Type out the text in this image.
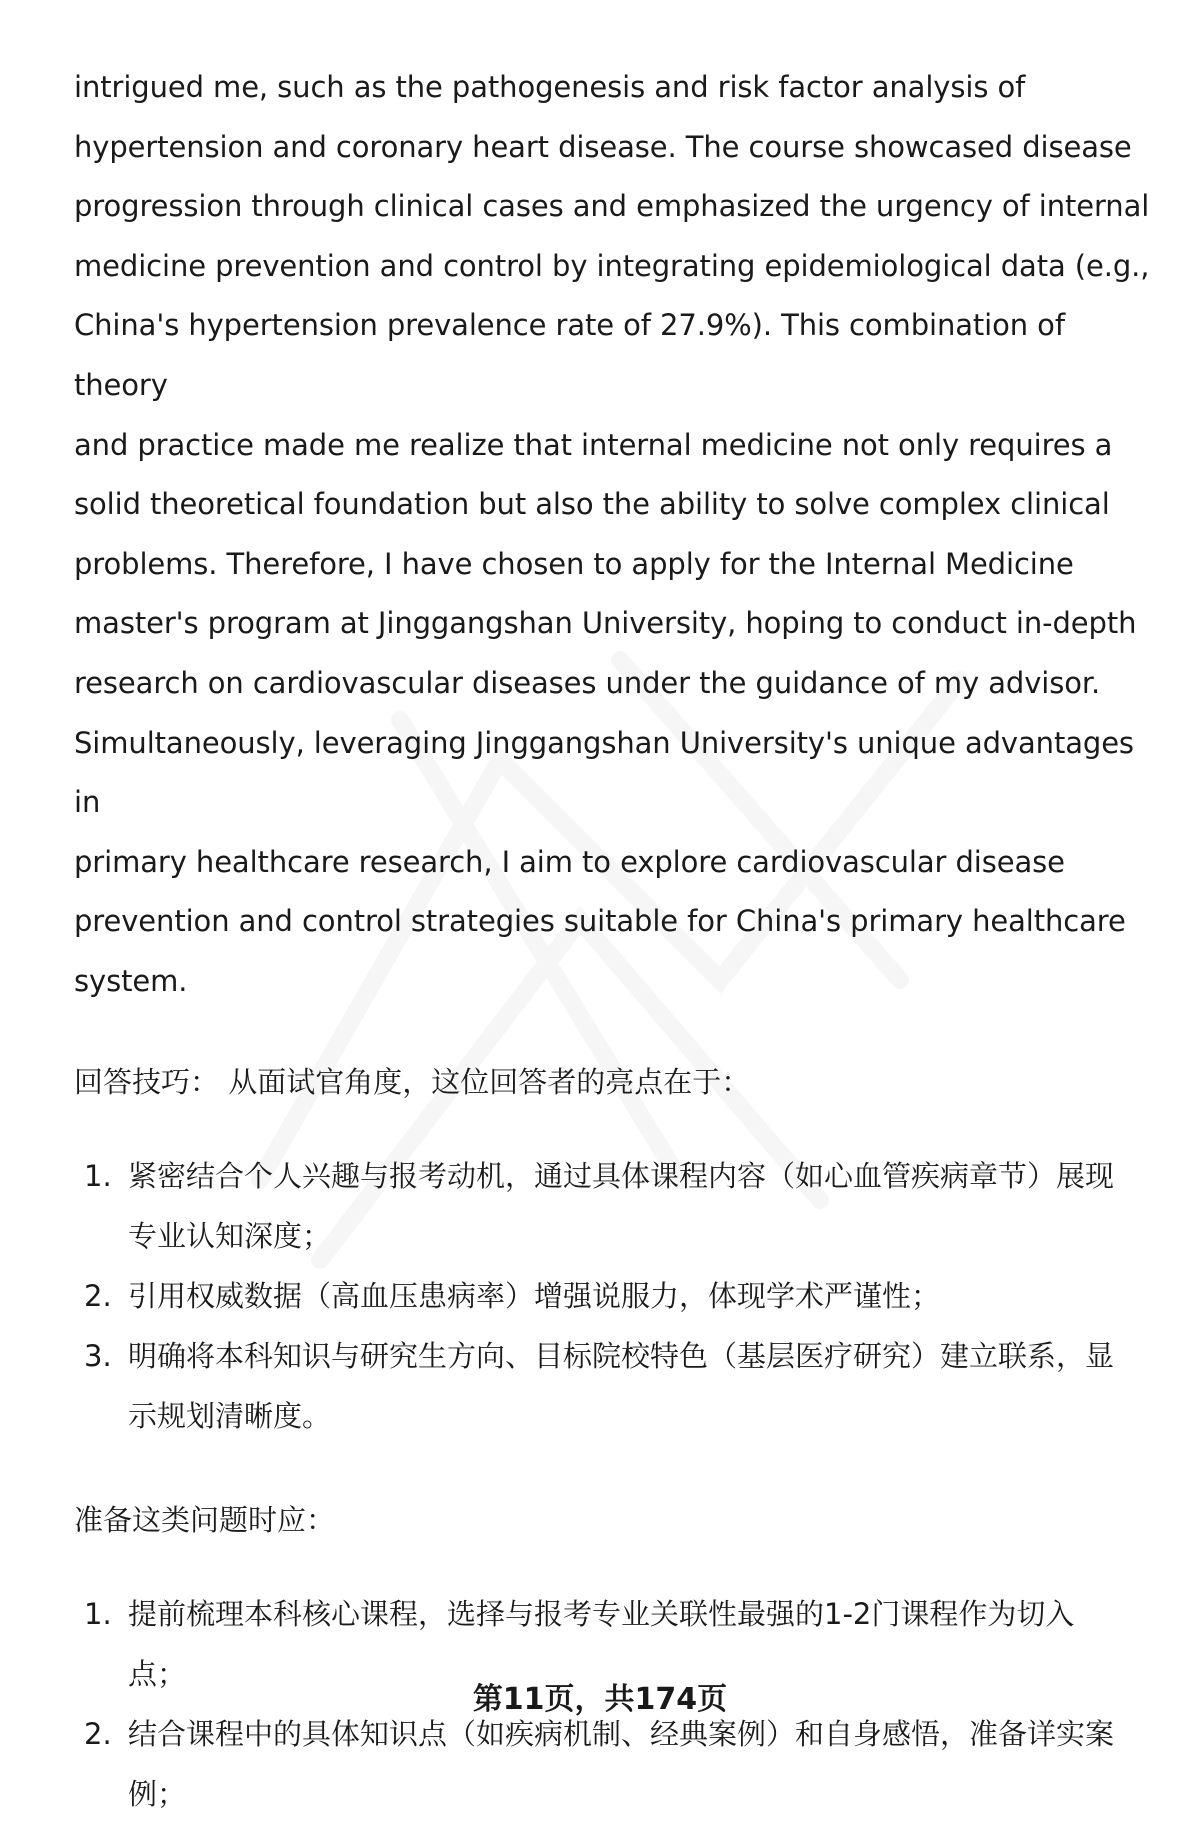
intrigued me, such as the pathogenesis and risk factor analysis of
hypertension and coronary heart disease. The course showcased disease
progression through clinical cases and emphasized the urgency of internal
medicine prevention and control by integrating epidemiological data (e.g.,
China's hypertension prevalence rate of 27.9%). This combination of theory
and practice made me realize that internal medicine not only requires a
solid theoretical foundation but also the ability to solve complex clinical
problems. Therefore, I have chosen to apply for the Internal Medicine
master's program at Jinggangshan University, hoping to conduct in-depth
research on cardiovascular diseases under the guidance of my advisor.
Simultaneously, leveraging Jinggangshan University's unique advantages in
primary healthcare research, I aim to explore cardiovascular disease
prevention and control strategies suitable for China's primary healthcare
system.

回答技巧： 从面试官角度，这位回答者的亮点在于：

1. 紧密结合个人兴趣与报考动机，通过具体课程内容（如心血管疾病章节）展现
专业认知深度；
2. 引用权威数据（高血压患病率）增强说服力，体现学术严谨性；
3. 明确将本科知识与研究生方向、目标院校特色（基层医疗研究）建立联系，显
示规划清晰度。

准备这类问题时应：

1. 提前梳理本科核心课程，选择与报考专业关联性最强的1-2门课程作为切入
点；
2. 结合课程中的具体知识点（如疾病机制、经典案例）和自身感悟，准备详实案
例；
第11页，共174页
